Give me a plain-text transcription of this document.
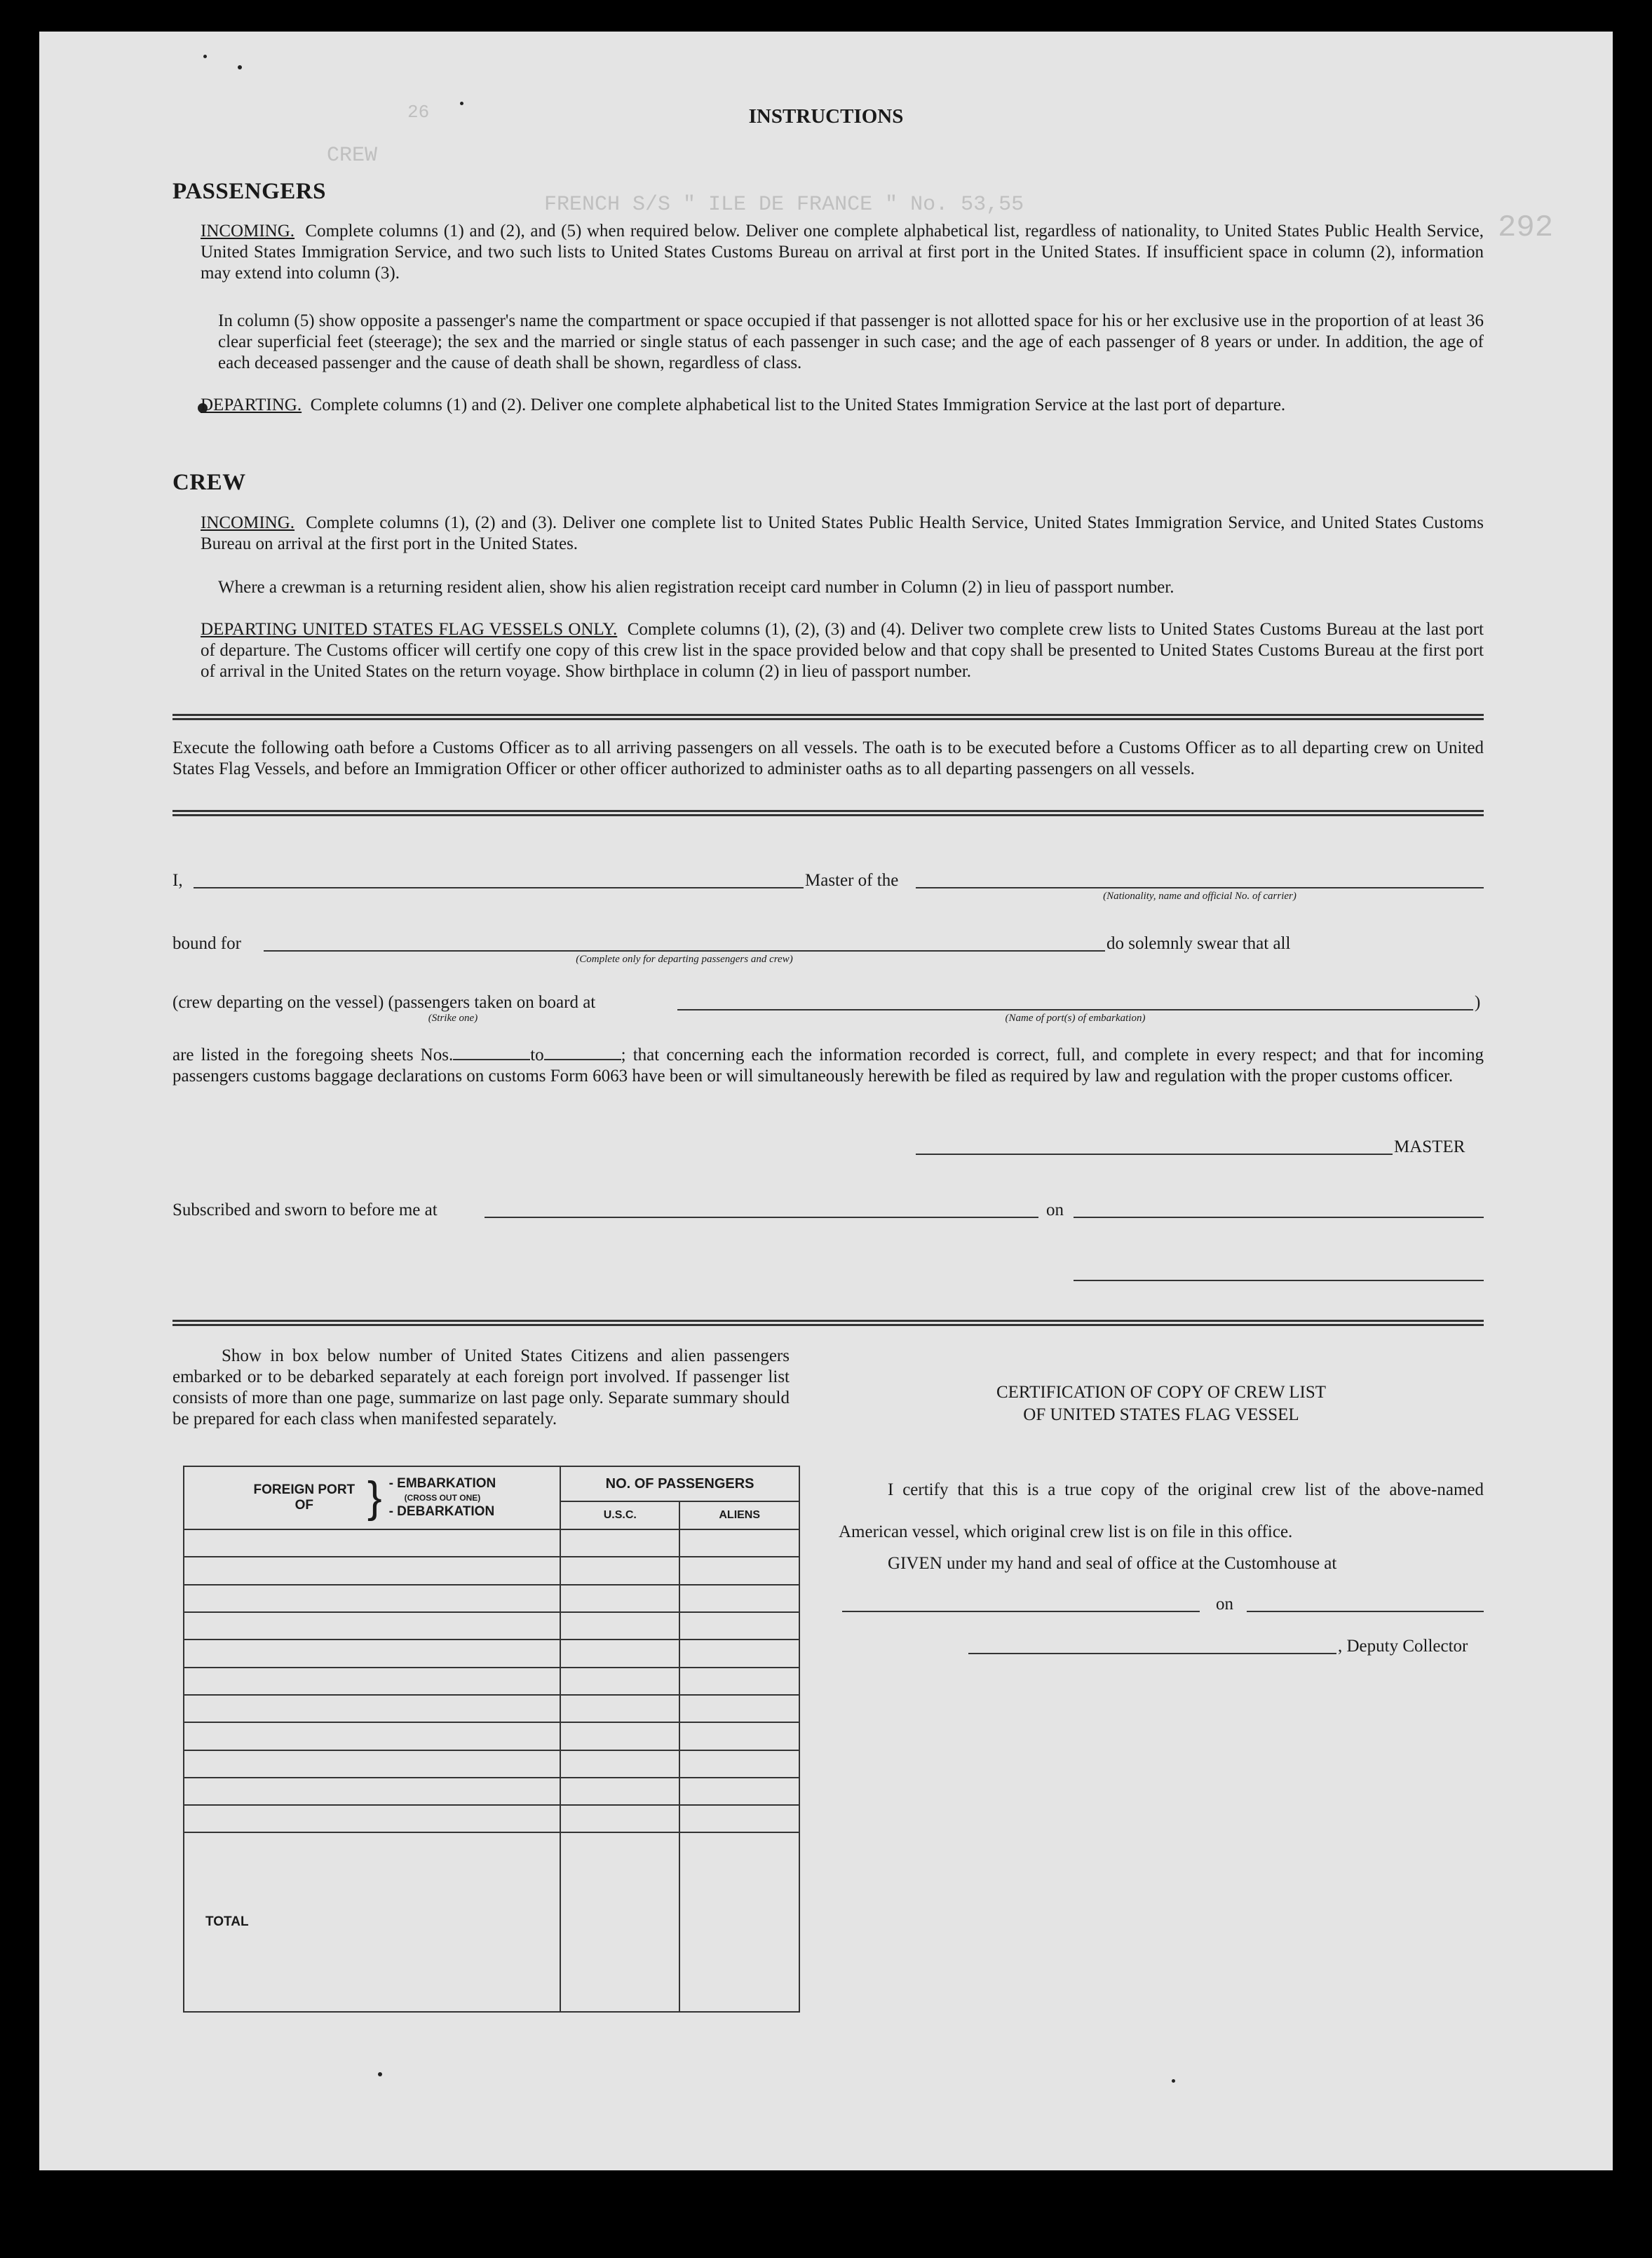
CREW
FRENCH S/S " ILE DE FRANCE " No. 53,55
292
26	INSTRUCTIONS
PASSENGERS
INCOMING. Complete columns (1) and (2), and (5) when required below. Deliver one complete alphabetical list, regardless of nationality, to United States Public Health Service, United States Immigration Service, and two such lists to United States Customs Bureau on arrival at first port in the United States. If insufficient space in column (2), information may extend into column (3).
In column (5) show opposite a passenger's name the compartment or space occupied if that passenger is not allotted space for his or her exclusive use in the proportion of at least 36 clear superficial feet (steerage); the sex and the married or single status of each passenger in such case; and the age of each passenger of 8 years or under. In addition, the age of each deceased passenger and the cause of death shall be shown, regardless of class.
DEPARTING. Complete columns (1) and (2). Deliver one complete alphabetical list to the United States Immigration Service at the last port of departure.
CREW
INCOMING. Complete columns (1), (2) and (3). Deliver one complete list to United States Public Health Service, United States Immigration Service, and United States Customs Bureau on arrival at the first port in the United States.
Where a crewman is a returning resident alien, show his alien registration receipt card number in Column (2) in lieu of passport number.
DEPARTING UNITED STATES FLAG VESSELS ONLY. Complete columns (1), (2), (3) and (4). Deliver two complete crew lists to United States Customs Bureau at the last port of departure. The Customs officer will certify one copy of this crew list in the space provided below and that copy shall be presented to United States Customs Bureau at the first port of arrival in the United States on the return voyage. Show birthplace in column (2) in lieu of passport number.
Execute the following oath before a Customs Officer as to all arriving passengers on all vessels. The oath is to be executed before a Customs Officer as to all departing crew on United States Flag Vessels, and before an Immigration Officer or other officer authorized to administer oaths as to all departing passengers on all vessels.
I,	Master of the
(Nationality, name and official No. of carrier)
bound for
(Complete only for departing passengers and crew)
do solemnly swear that all
(crew departing on the vessel) (passengers taken on board at	)
(Strike one)	(Name of port(s) of embarkation)
are listed in the foregoing sheets Nos.	to	; that concerning each the information recorded is correct, full, and complete in every respect; and that for incoming passengers customs baggage declarations on customs Form 6063 have been or will simultaneously herewith be filed as required by law and regulation with the proper customs officer.
MASTER
Subscribed and sworn to before me at	on
Show in box below number of United States Citizens and alien passengers embarked or to be debarked separately at each foreign port involved. If passenger list consists of more than one page, summarize on last page only. Separate summary should be prepared for each class when manifested separately.
FOREIGN PORT OF } - EMBARKATION
(CROSS OUT ONE)
- DEBARKATION	NO. OF PASSENGERS	
	U.S.C.	ALIENS

TOTAL		
CERTIFICATION OF COPY OF CREW LIST
OF UNITED STATES FLAG VESSEL
I certify that this is a true copy of the original crew list of the above-named American vessel, which original crew list is on file in this office.
GIVEN under my hand and seal of office at the Customhouse at
on
, Deputy Collector
